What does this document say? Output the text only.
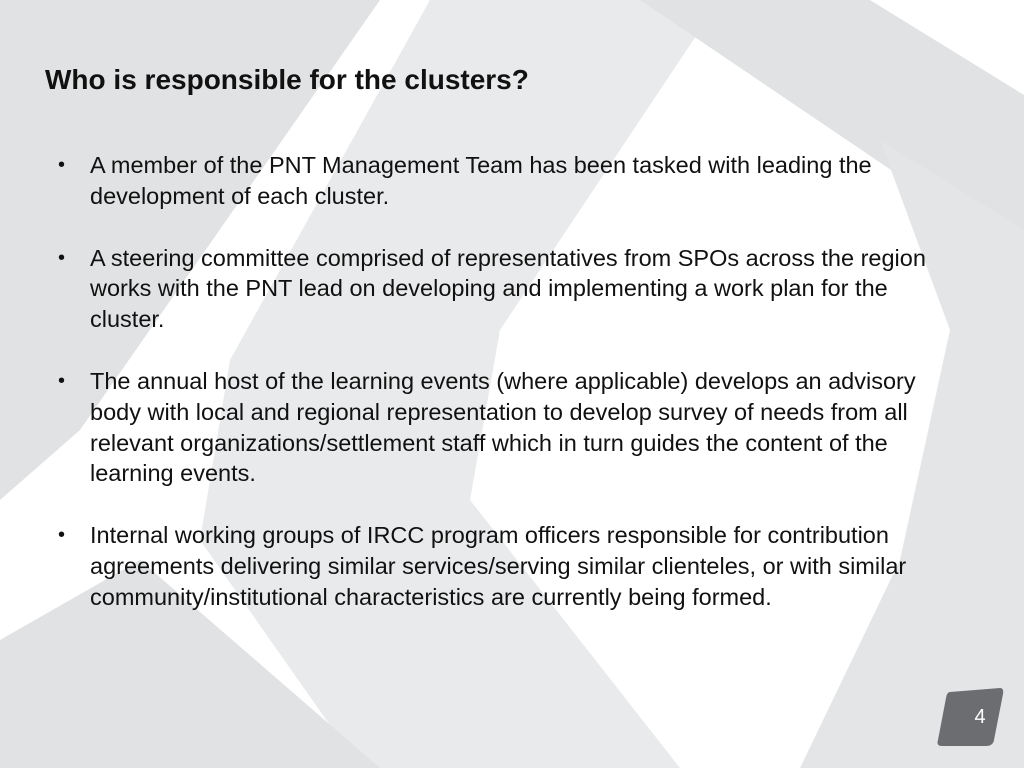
Who is responsible for the clusters?
•	A member of the PNT Management Team has been tasked with leading the development of each cluster.
•	A steering committee comprised of representatives from SPOs across the region works with the PNT lead on developing and implementing a work plan for the cluster.
•	The annual host of the learning events (where applicable) develops an advisory body with local and regional representation to develop survey of needs from all relevant organizations/settlement staff which in turn guides the content of the learning events.
•	Internal working groups of IRCC program officers responsible for contribution agreements delivering similar services/serving similar clienteles, or with similar community/institutional characteristics are currently being formed.
4
